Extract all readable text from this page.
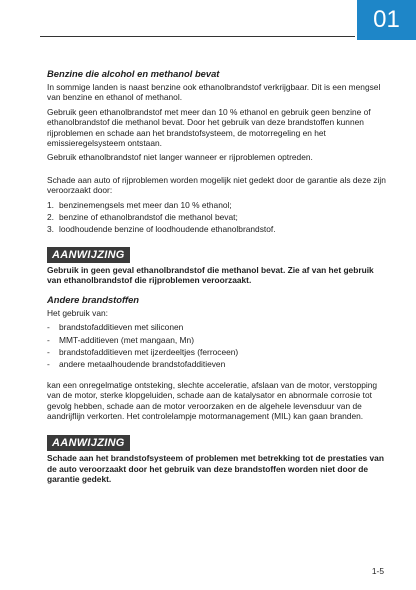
01
Benzine die alcohol en methanol bevat
In sommige landen is naast benzine ook ethanolbrandstof verkrijgbaar. Dit is een mengsel van benzine en ethanol of methanol.
Gebruik geen ethanolbrandstof met meer dan 10 % ethanol en gebruik geen benzine of ethanolbrandstof die methanol bevat. Door het gebruik van deze brandstoffen kunnen rijproblemen en schade aan het brandstofsysteem, de motorregeling en het emissieregelsysteem ontstaan.
Gebruik ethanolbrandstof niet langer wanneer er rijproblemen optreden.
Schade aan auto of rijproblemen worden mogelijk niet gedekt door de garantie als deze zijn veroorzaakt door:
1. benzinemengsels met meer dan 10 % ethanol;
2. benzine of ethanolbrandstof die methanol bevat;
3. loodhoudende benzine of loodhoudende ethanolbrandstof.
AANWIJZING
Gebruik in geen geval ethanolbrandstof die methanol bevat. Zie af van het gebruik van ethanolbrandstof die rijproblemen veroorzaakt.
Andere brandstoffen
Het gebruik van:
-	brandstofadditieven met siliconen
-	MMT-additieven (met mangaan, Mn)
-	brandstofadditieven met ijzerdeeltjes (ferroceen)
-	andere metaalhoudende brandstofadditieven
kan een onregelmatige ontsteking, slechte acceleratie, afslaan van de motor, verstopping van de motor, sterke klopgeluiden, schade aan de katalysator en abnormale corrosie tot gevolg hebben, schade aan de motor veroorzaken en de algehele levensduur van de aandrijflijn verkorten. Het controlelampje motormanagement (MIL) kan gaan branden.
AANWIJZING
Schade aan het brandstofsysteem of problemen met betrekking tot de prestaties van de auto veroorzaakt door het gebruik van deze brandstoffen worden niet door de garantie gedekt.
1-5
